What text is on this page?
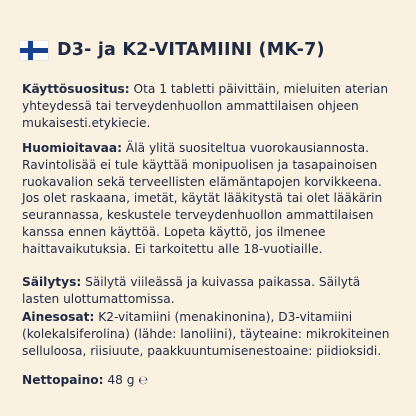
D3- ja K2-VITAMIINI (MK-7)
Käyttösuositus: Ota 1 tabletti päivittäin, mieluiten aterian yhteydessä tai terveydenhuollon ammattilaisen ohjeen mukaisesti.etykiecie.
Huomioitavaa: Älä ylitä suositeltua vuorokausiannosta. Ravintolisää ei tule käyttää monipuolisen ja tasapainoisen ruokavalion sekä terveellisten elämäntapojen korvikkeena. Jos olet raskaana, imetät, käytät lääkitystä tai olet lääkärin seurannassa, keskustele terveydenhuollon ammattilaisen kanssa ennen käyttöä. Lopeta käyttö, jos ilmenee haittavaikutuksia. Ei tarkoitettu alle 18-vuotiaille.
Säilytys: Säilytä viileässä ja kuivassa paikassa. Säilytä lasten ulottumattomissa.
Ainesosat: K2-vitamiini (menakinonina), D3-vitamiini (kolekalsiferolina) (lähde: lanoliini), täyteaine: mikrokiteinen selluloosa, riisiuute, paakkuuntumisenestoaine: piidioksidi.
Nettopaino: 48 g ℮
